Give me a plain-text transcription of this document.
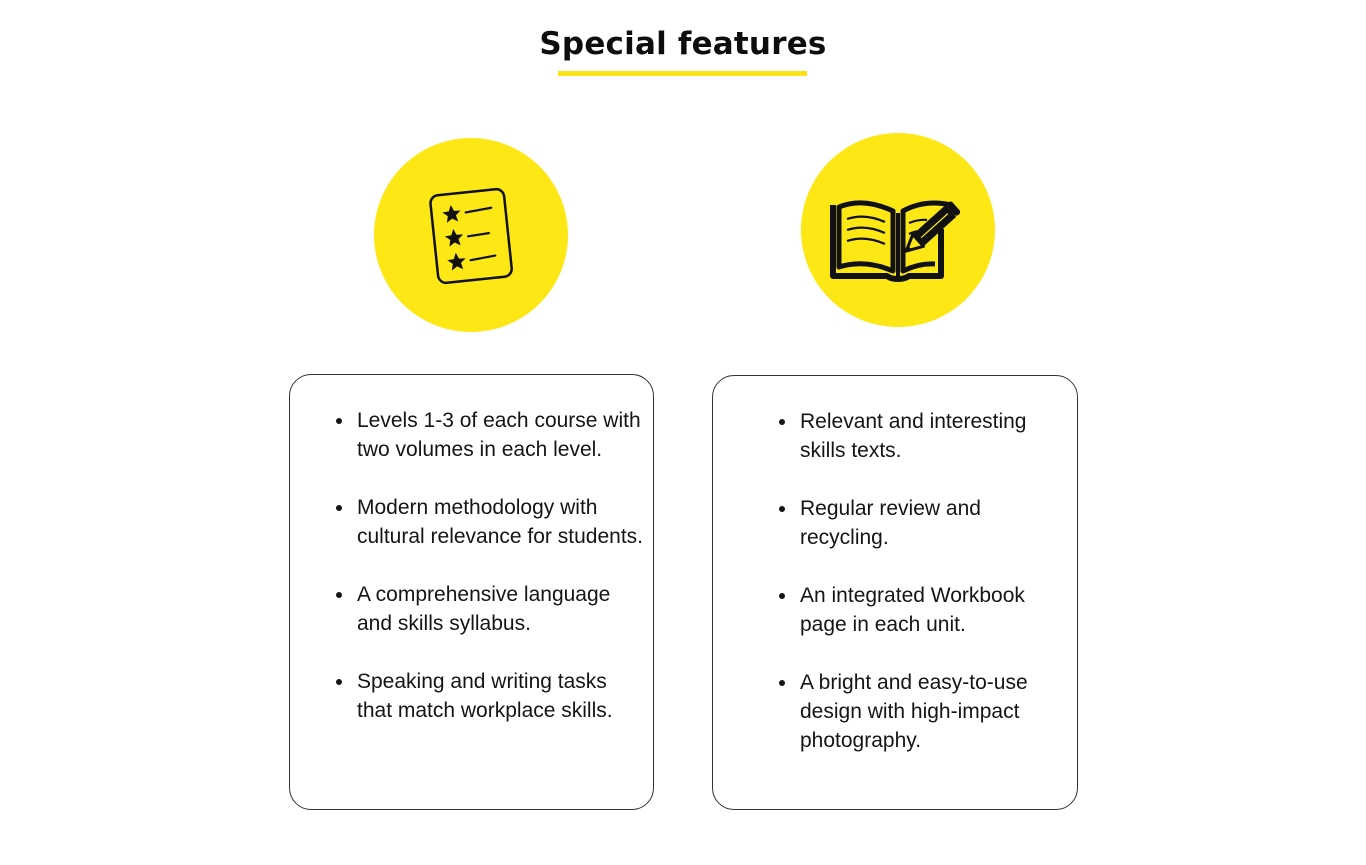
Special features
Levels 1-3 of each course with two volumes in each level.
Modern methodology with cultural relevance for students.
A comprehensive language and skills syllabus.
Speaking and writing tasks that match workplace skills.
Relevant and interesting skills texts.
Regular review and recycling.
An integrated Workbook page in each unit.
A bright and easy-to-use design with high-impact photography.
